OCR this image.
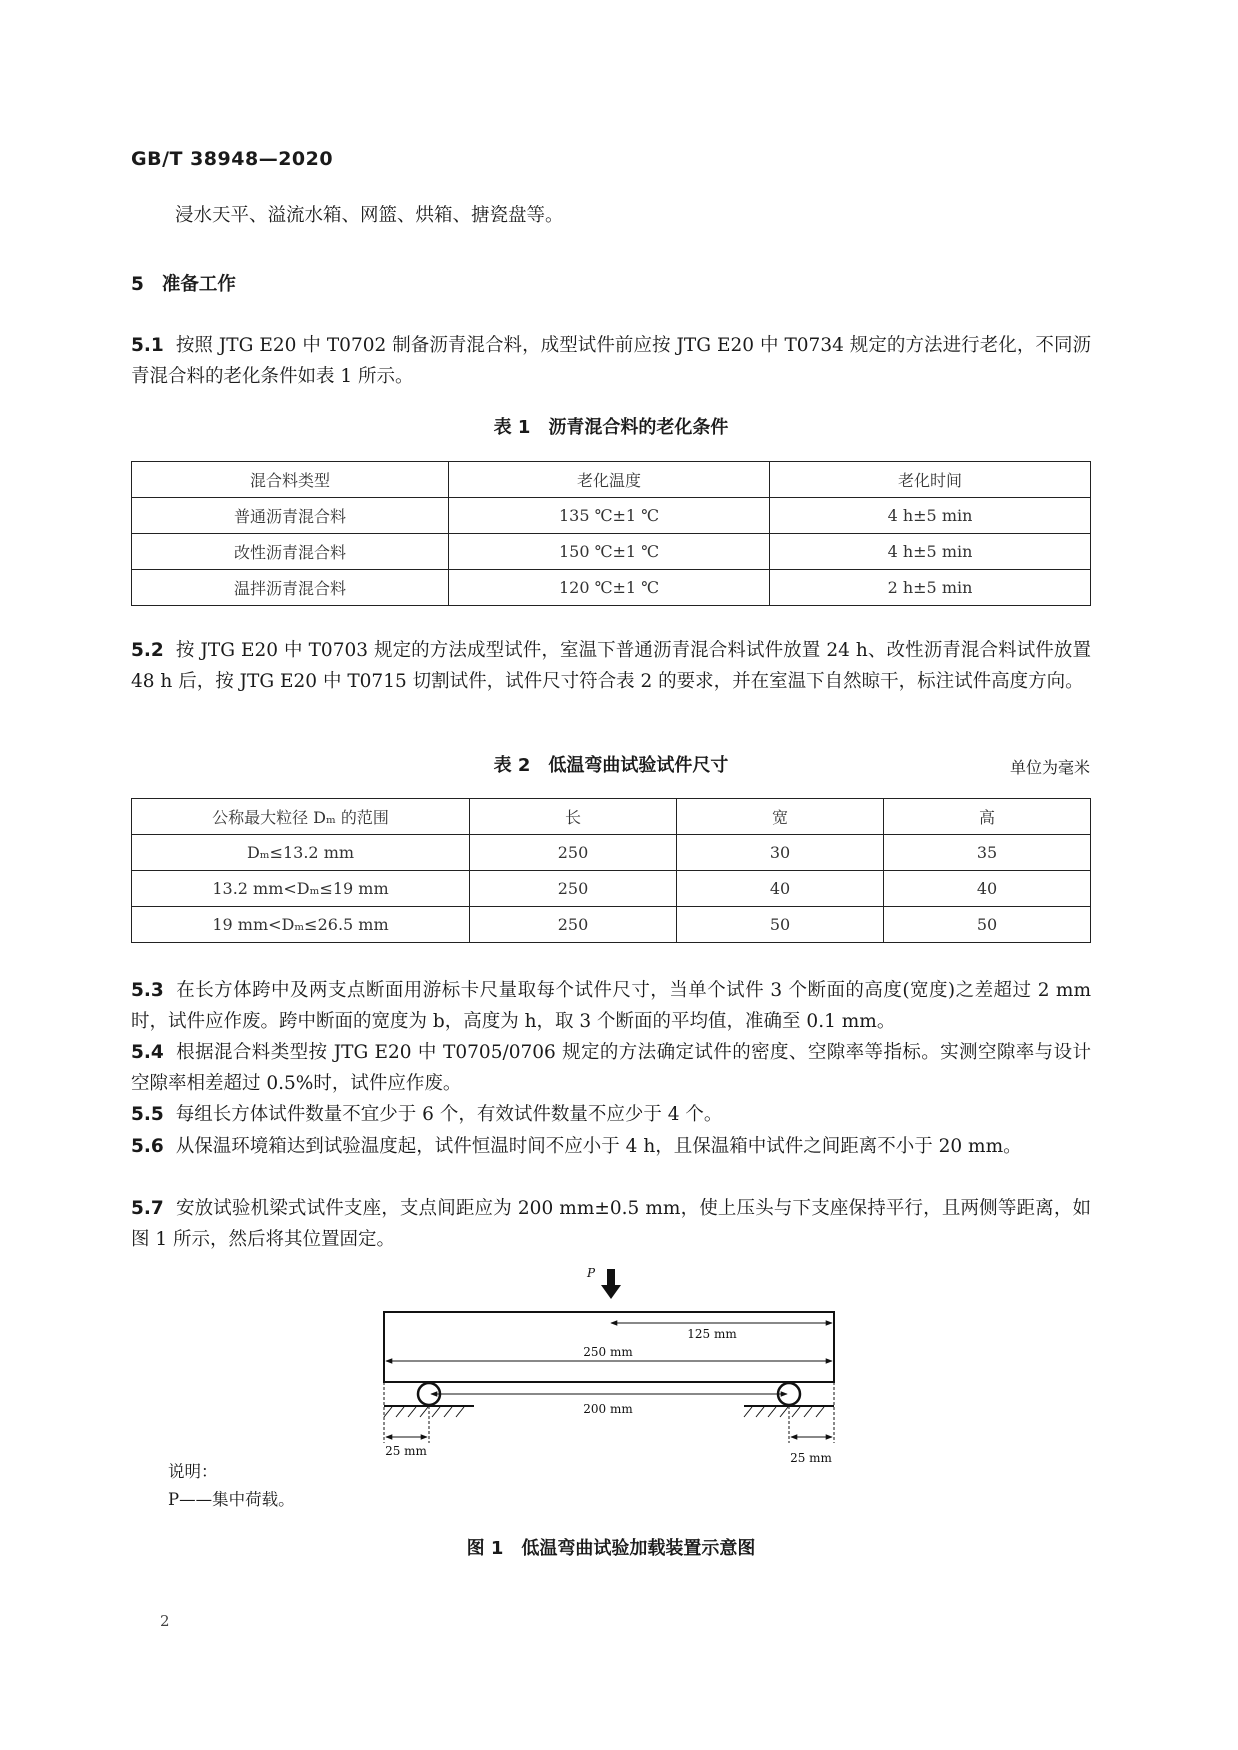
GB/T 38948—2020
浸水天平、溢流水箱、网篮、烘箱、搪瓷盘等。
5 准备工作
5.1 按照 JTG E20 中 T0702 制备沥青混合料，成型试件前应按 JTG E20 中 T0734 规定的方法进行老化，不同沥青混合料的老化条件如表 1 所示。
表 1 沥青混合料的老化条件
混合料类型	老化温度	老化时间
普通沥青混合料	135 ℃±1 ℃	4 h±5 min
改性沥青混合料	150 ℃±1 ℃	4 h±5 min
温拌沥青混合料	120 ℃±1 ℃	2 h±5 min
5.2 按 JTG E20 中 T0703 规定的方法成型试件，室温下普通沥青混合料试件放置 24 h、改性沥青混合料试件放置 48 h 后，按 JTG E20 中 T0715 切割试件，试件尺寸符合表 2 的要求，并在室温下自然晾干，标注试件高度方向。
表 2 低温弯曲试验试件尺寸	单位为毫米
公称最大粒径 Dₘ 的范围	长	宽	高
Dₘ≤13.2 mm	250	30	35
13.2 mm<Dₘ≤19 mm	250	40	40
19 mm<Dₘ≤26.5 mm	250	50	50
5.3 在长方体跨中及两支点断面用游标卡尺量取每个试件尺寸，当单个试件 3 个断面的高度(宽度)之差超过 2 mm 时，试件应作废。跨中断面的宽度为 b，高度为 h，取 3 个断面的平均值，准确至 0.1 mm。
5.4 根据混合料类型按 JTG E20 中 T0705/0706 规定的方法确定试件的密度、空隙率等指标。实测空隙率与设计空隙率相差超过 0.5%时，试件应作废。
5.5 每组长方体试件数量不宜少于 6 个，有效试件数量不应少于 4 个。
5.6 从保温环境箱达到试验温度起，试件恒温时间不应小于 4 h，且保温箱中试件之间距离不小于 20 mm。
5.7 安放试验机梁式试件支座，支点间距应为 200 mm±0.5 mm，使上压头与下支座保持平行，且两侧等距离，如图 1 所示，然后将其位置固定。
P
125 mm
250 mm
200 mm
25 mm	25 mm
说明：
P——集中荷载。
图 1 低温弯曲试验加载装置示意图
2
